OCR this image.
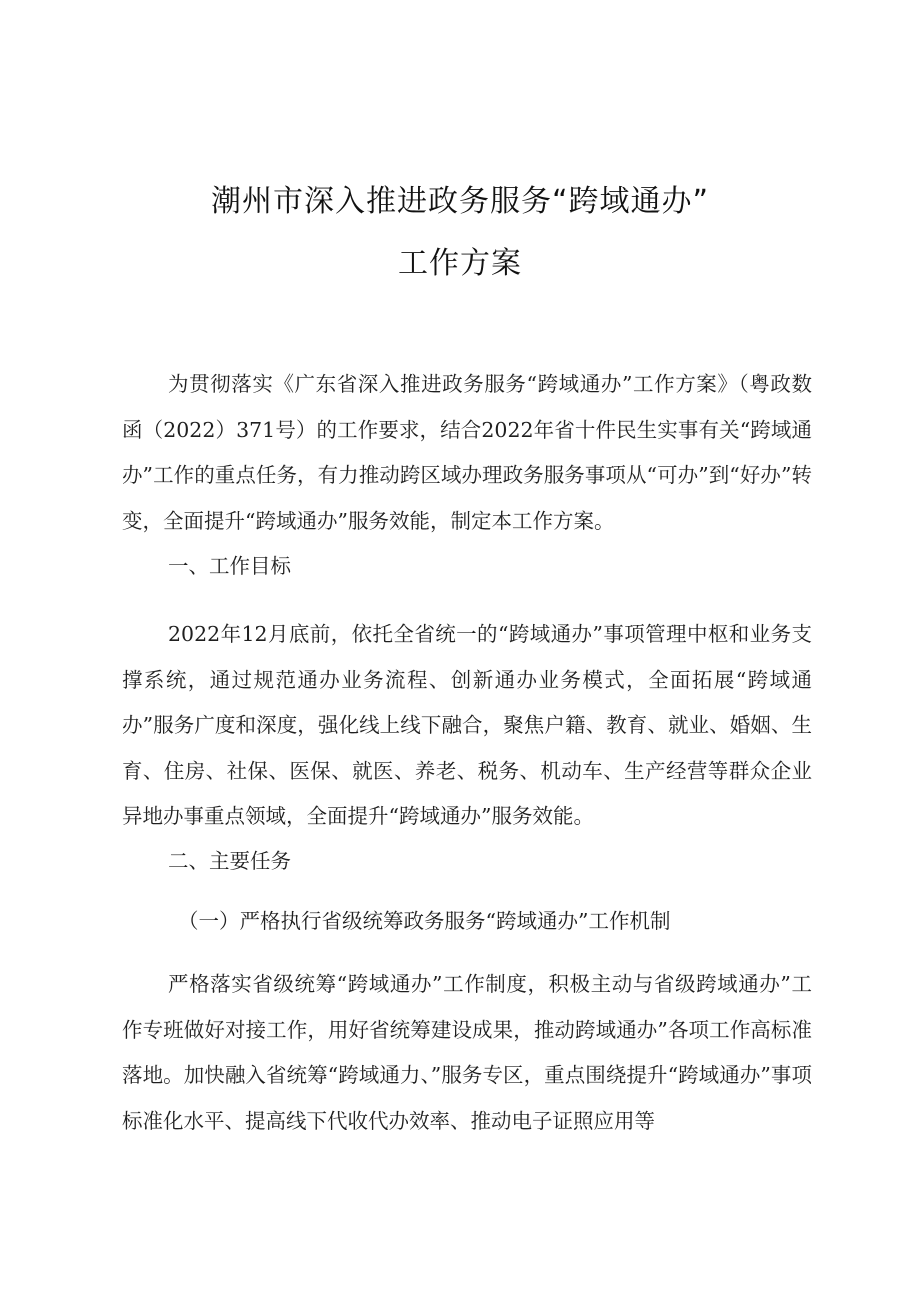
潮州市深入推进政务服务“跨域通办”
工作方案
为贯彻落实《广东省深入推进政务服务“跨域通办”工作方案》（粤政数函（2022）371号）的工作要求，结合2022年省十件民生实事有关“跨域通办”工作的重点任务，有力推动跨区域办理政务服务事项从“可办”到“好办”转变，全面提升“跨域通办”服务效能，制定本工作方案。
一、工作目标
2022年12月底前，依托全省统一的“跨域通办”事项管理中枢和业务支撑系统，通过规范通办业务流程、创新通办业务模式，全面拓展“跨域通办”服务广度和深度，强化线上线下融合，聚焦户籍、教育、就业、婚姻、生育、住房、社保、医保、就医、养老、税务、机动车、生产经营等群众企业异地办事重点领域，全面提升“跨域通办”服务效能。
二、主要任务
（一）严格执行省级统筹政务服务“跨域通办”工作机制
严格落实省级统筹“跨域通办”工作制度，积极主动与省级跨域通办”工作专班做好对接工作，用好省统筹建设成果，推动跨域通办”各项工作高标准落地。加快融入省统筹“跨域通力、”服务专区，重点围绕提升“跨域通办”事项标准化水平、提高线下代收代办效率、推动电子证照应用等
